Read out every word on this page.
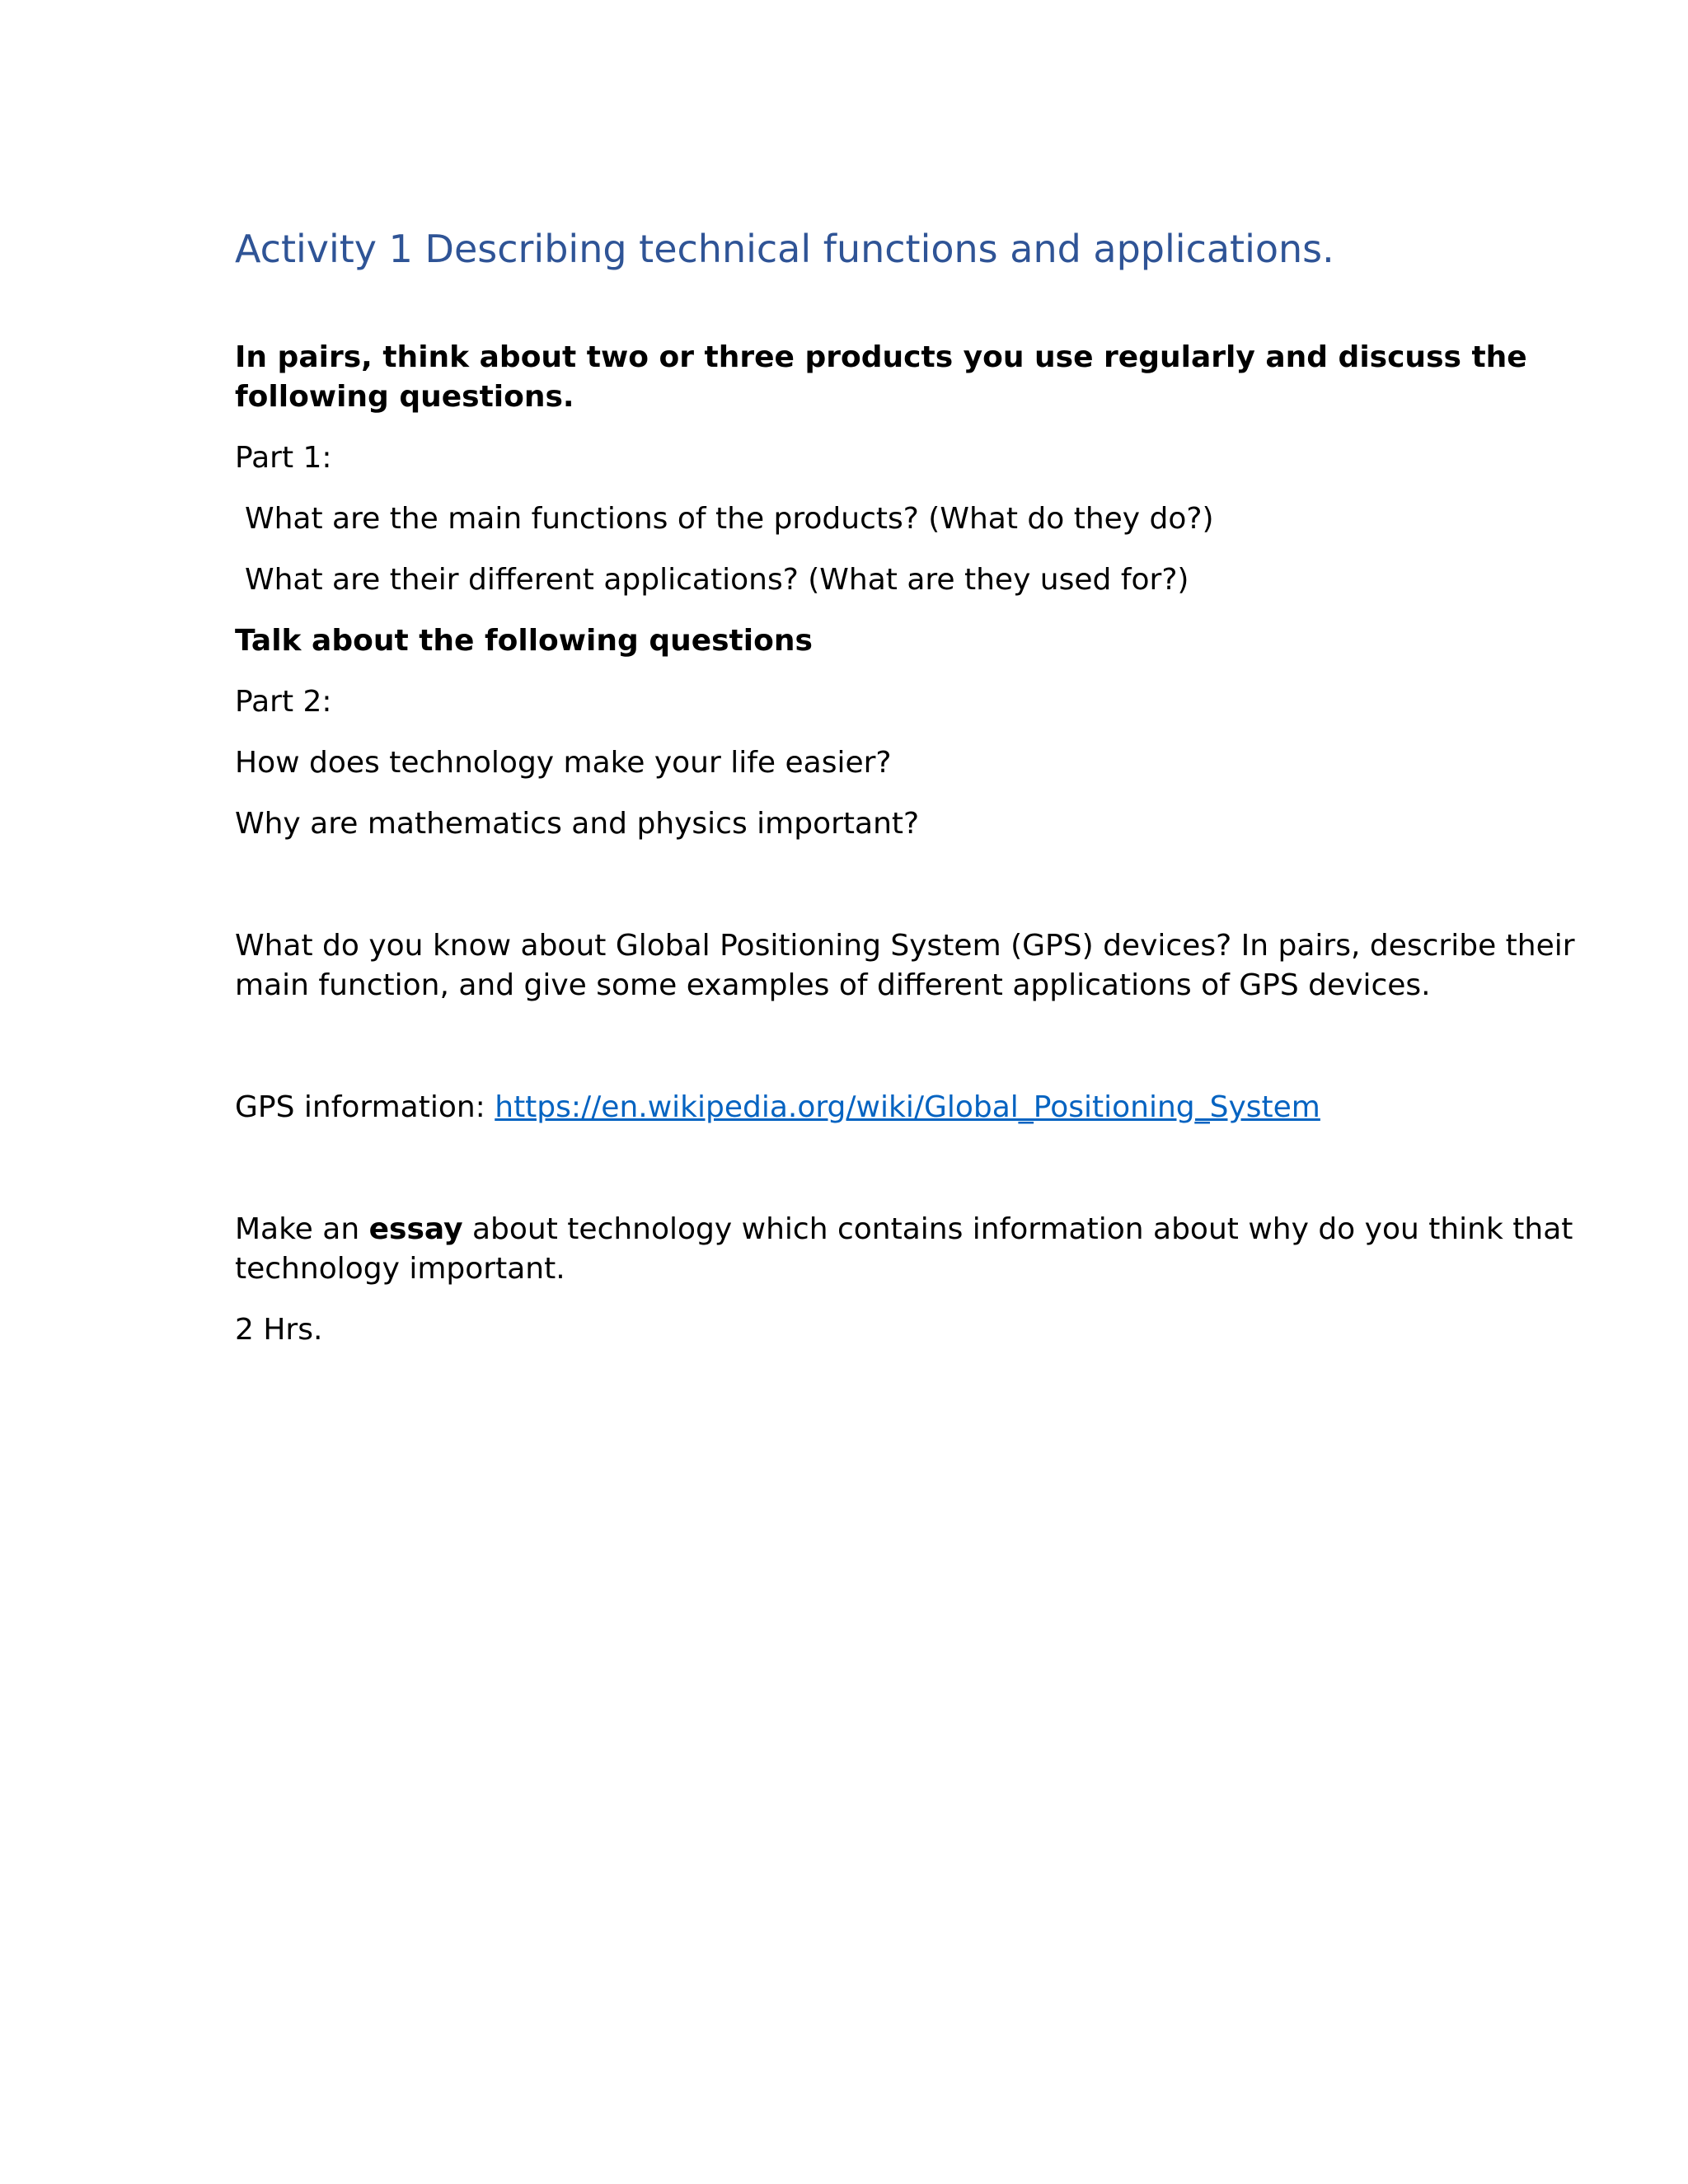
Activity 1 Describing technical functions and applications.
In pairs, think about two or three products you use regularly and discuss the
following questions.
Part 1:
What are the main functions of the products? (What do they do?)
What are their different applications? (What are they used for?)
Talk about the following questions
Part 2:
How does technology make your life easier?
Why are mathematics and physics important?
What do you know about Global Positioning System (GPS) devices? In pairs, describe their
main function, and give some examples of different applications of GPS devices.
GPS information: https://en.wikipedia.org/wiki/Global_Positioning_System
Make an essay about technology which contains information about why do you think that
technology important.
2 Hrs.
